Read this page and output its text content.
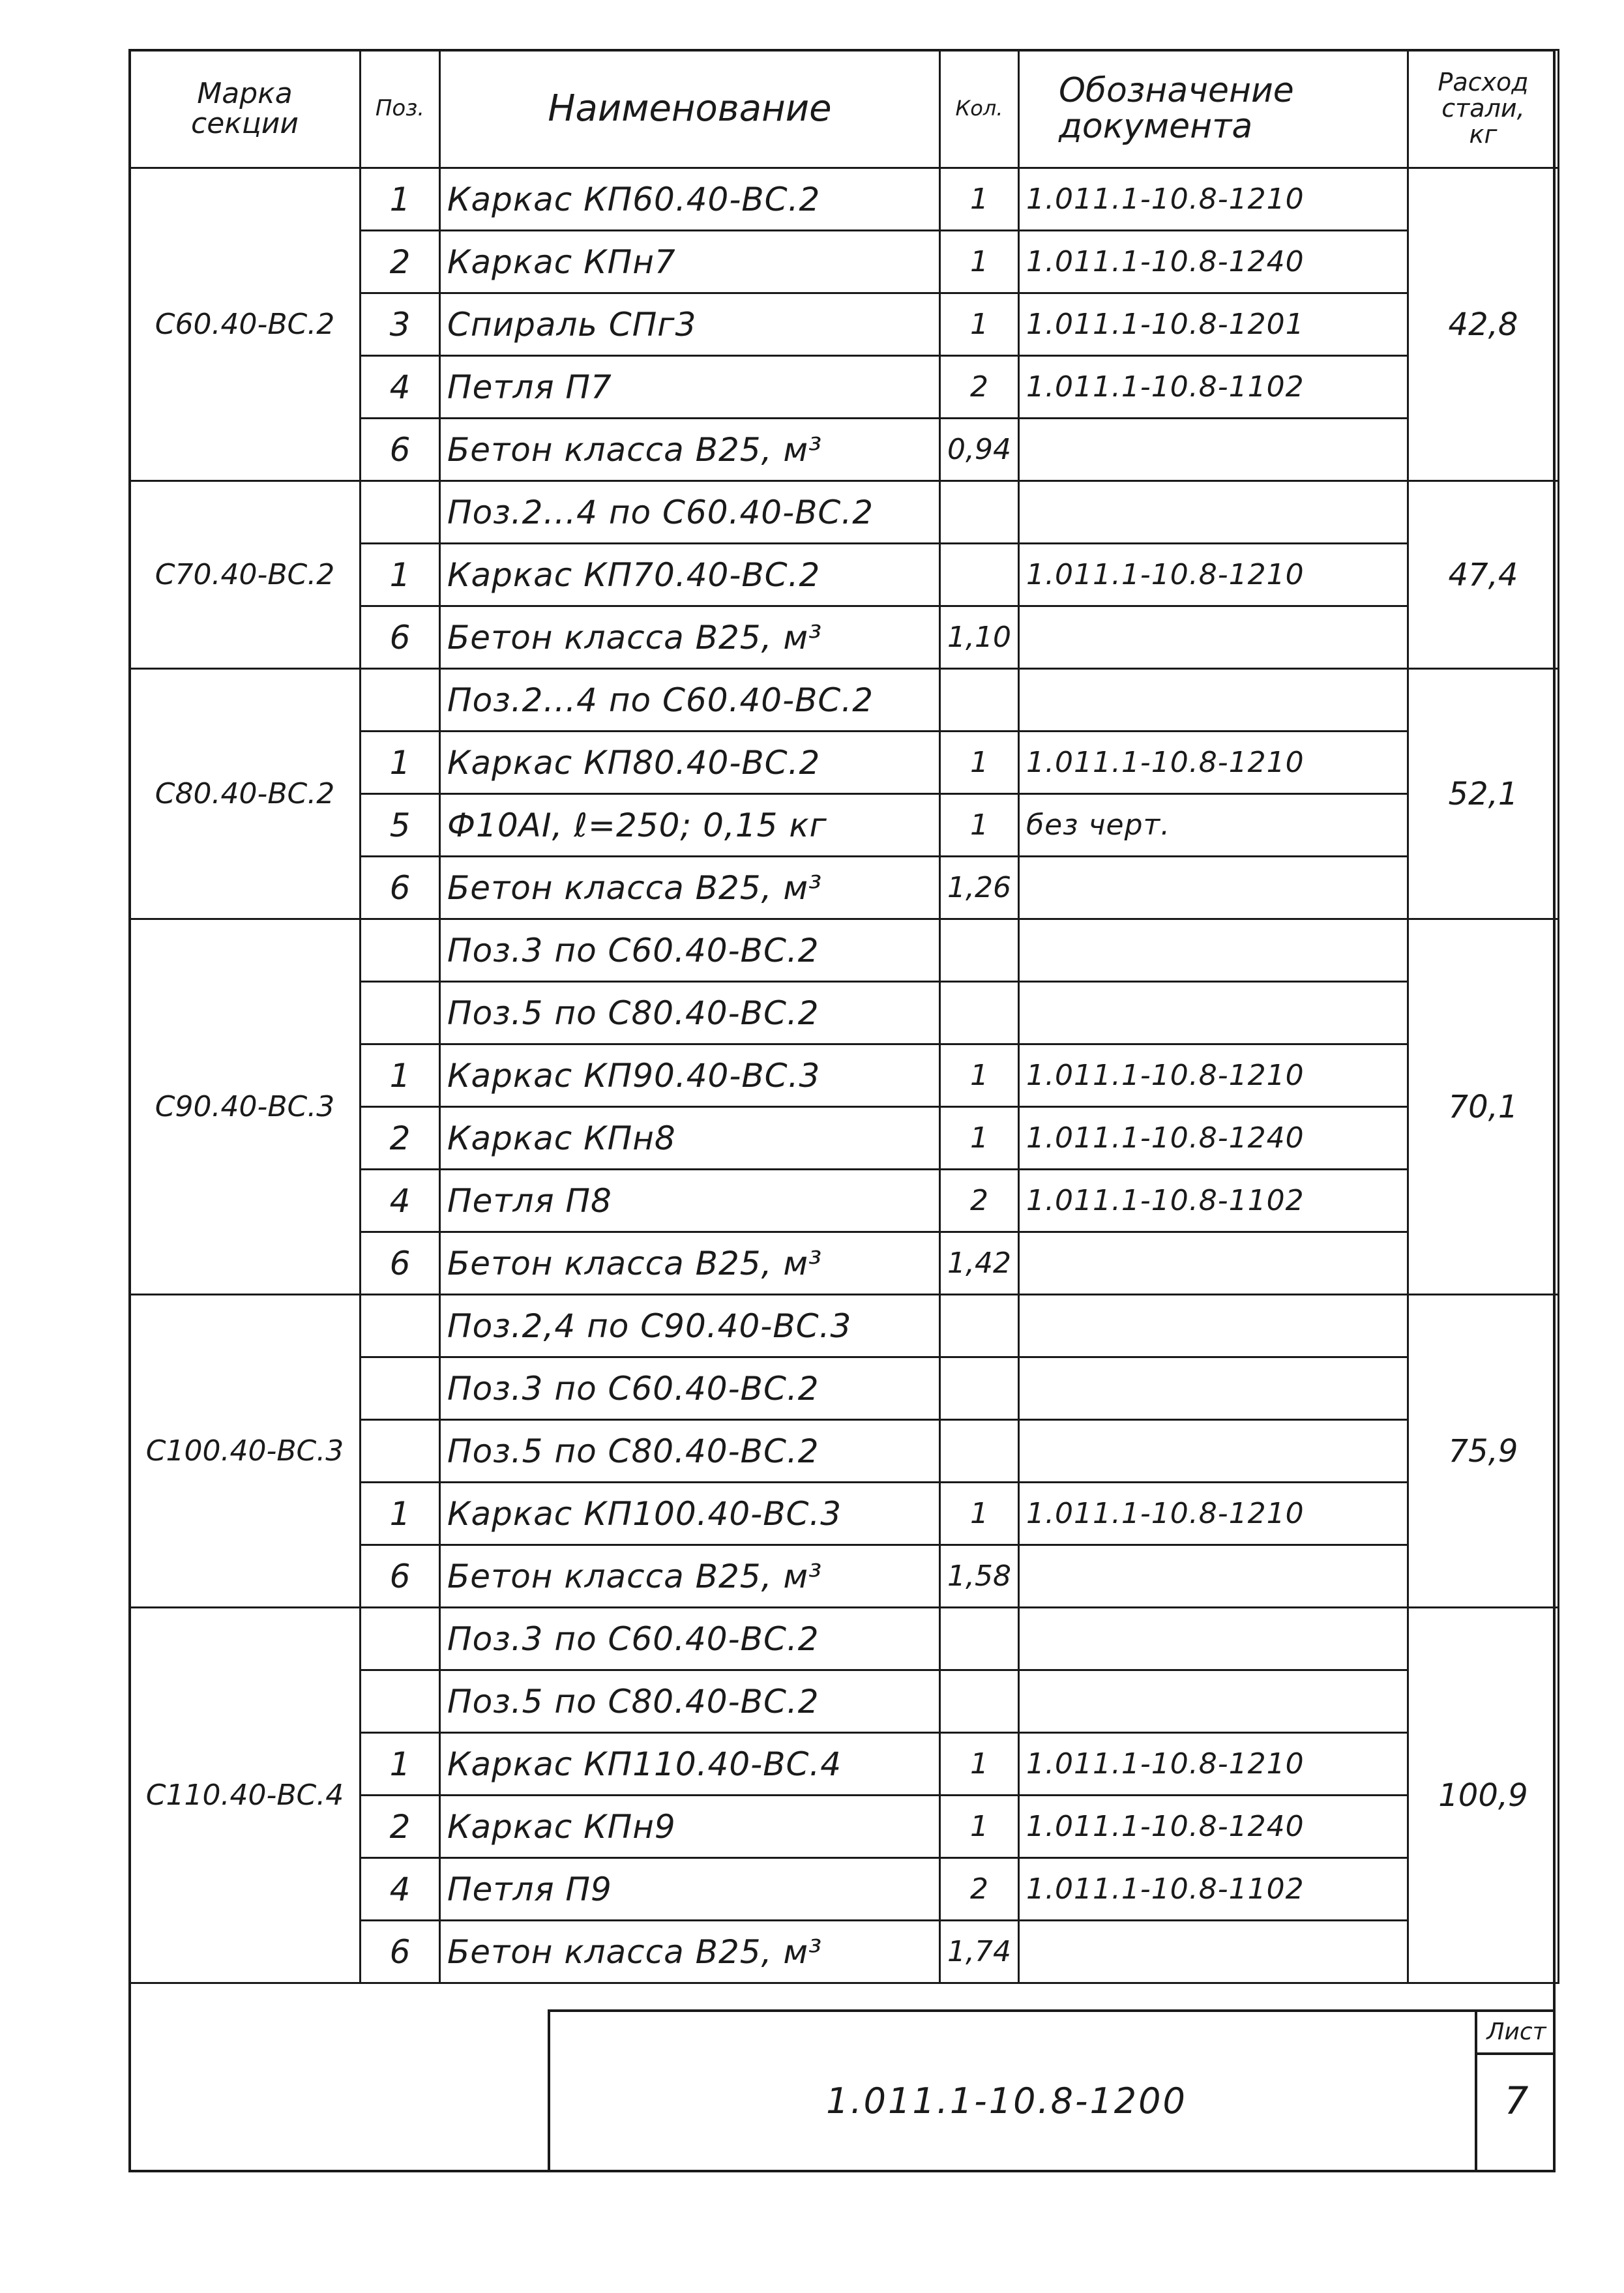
Марка
секции	Поз.	Наименование	Кол.	Обозначение
документа	Расход
стали,
кг
С60.40-ВС.2	1	Каркас КП60.40-ВС.2	1	1.011.1-10.8-1210	42,8
	2	Каркас КПн7	1	1.011.1-10.8-1240	
	3	Спираль СПг3	1	1.011.1-10.8-1201	
	4	Петля П7	2	1.011.1-10.8-1102	
	6	Бетон класса В25, м³	0,94		
С70.40-ВС.2		Поз.2...4 по С60.40-ВС.2			47,4
	1	Каркас КП70.40-ВС.2		1.011.1-10.8-1210	
	6	Бетон класса В25, м³	1,10		
С80.40-ВС.2		Поз.2...4 по С60.40-ВС.2			52,1
	1	Каркас КП80.40-ВС.2	1	1.011.1-10.8-1210	
	5	Ф10АI, ℓ=250; 0,15 кг	1	без черт.	
	6	Бетон класса В25, м³	1,26		
С90.40-ВС.3		Поз.3 по С60.40-ВС.2			70,1
		Поз.5 по С80.40-ВС.2			
	1	Каркас КП90.40-ВС.3	1	1.011.1-10.8-1210	
	2	Каркас КПн8	1	1.011.1-10.8-1240	
	4	Петля П8	2	1.011.1-10.8-1102	
	6	Бетон класса В25, м³	1,42		
С100.40-ВС.3		Поз.2,4 по С90.40-ВС.3			75,9
		Поз.3 по С60.40-ВС.2			
		Поз.5 по С80.40-ВС.2			
	1	Каркас КП100.40-ВС.3	1	1.011.1-10.8-1210	
	6	Бетон класса В25, м³	1,58		
С110.40-ВС.4		Поз.3 по С60.40-ВС.2			100,9
		Поз.5 по С80.40-ВС.2			
	1	Каркас КП110.40-ВС.4	1	1.011.1-10.8-1210	
	2	Каркас КПн9	1	1.011.1-10.8-1240	
	4	Петля П9	2	1.011.1-10.8-1102	
	6	Бетон класса В25, м³	1,74		
1.011.1-10.8-1200
Лист
7
